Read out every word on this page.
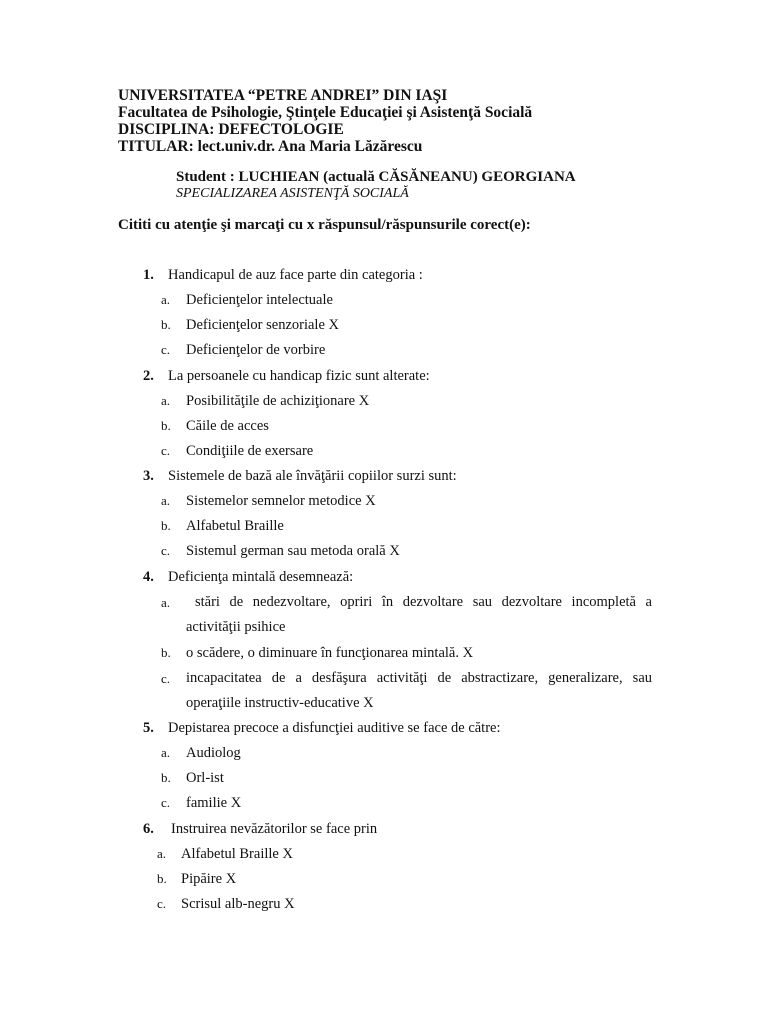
UNIVERSITATEA “PETRE ANDREI” DIN IAŞI
Facultatea de Psihologie, Ştinţele Educaţiei şi Asistenţă Socială
DISCIPLINA: DEFECTOLOGIE
TITULAR: lect.univ.dr. Ana Maria Lăzărescu
Student : LUCHIEAN (actuală CĂSĂNEANU) GEORGIANA
SPECIALIZAREA ASISTENŢĂ SOCIALĂ
Cititi cu atenţie şi marcaţi cu x răspunsul/răspunsurile corect(e):
1. Handicapul de auz face parte din categoria :
a. Deficienţelor intelectuale
b. Deficienţelor senzoriale X
c. Deficienţelor de vorbire
2. La persoanele cu handicap fizic sunt alterate:
a. Posibilităţile de achiziţionare X
b. Căile de acces
c. Condiţiile de exersare
3. Sistemele de bază ale învăţării copiilor surzi sunt:
a. Sistemelor semnelor metodice X
b. Alfabetul Braille
c. Sistemul german sau metoda orală X
4. Deficienţa mintală desemnează:
a. stări de nedezvoltare, opriri în dezvoltare sau dezvoltare incompletă a
activităţii psihice
b. o scădere, o diminuare în funcţionarea mintală. X
c. incapacitatea de a desfăşura activităţi de abstractizare, generalizare, sau
operaţiile instructiv-educative X
5. Depistarea precoce a disfuncţiei auditive se face de către:
a. Audiolog
b. Orl-ist
c. familie X
6. Instruirea nevăzătorilor se face prin
a. Alfabetul Braille X
b. Pipăire X
c. Scrisul alb-negru X
